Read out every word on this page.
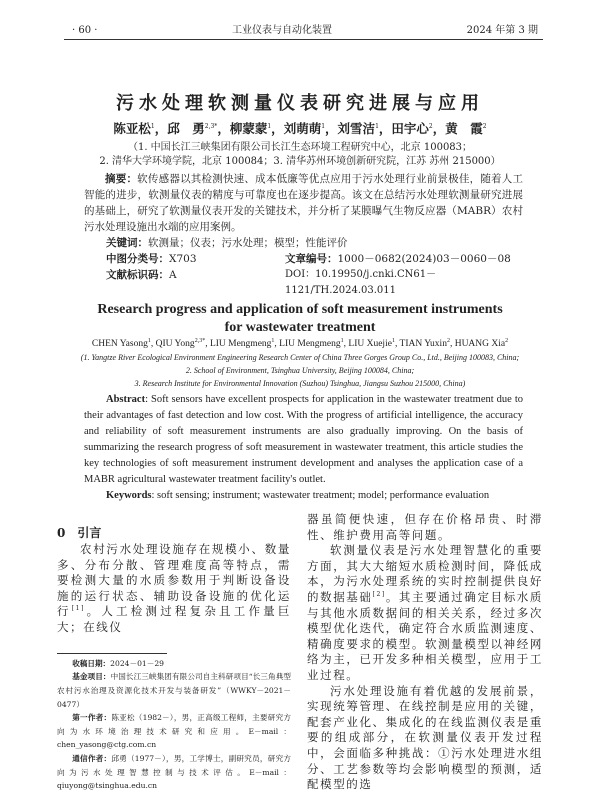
· 60 ·	工业仪表与自动化装置	2024 年第 3 期
污水处理软测量仪表研究进展与应用
陈亚松$^1$，邱　勇$^{2,3*}$，柳蒙蒙$^1$，刘萌萌$^1$，刘雪洁$^1$，田宇心$^2$，黄　霞$^2$
（1. 中国长江三峡集团有限公司长江生态环境工程研究中心，北京 100083；
2. 清华大学环境学院，北京 100084；3. 清华苏州环境创新研究院，江苏 苏州 215000）
摘要：软传感器以其检测快速、成本低廉等优点应用于污水处理行业前景极佳，随着人工智能的进步，软测量仪表的精度与可靠度也在逐步提高。该文在总结污水处理软测量研究进展的基础上，研究了软测量仪表开发的关键技术，并分析了某膜曝气生物反应器（MABR）农村污水处理设施出水端的应用案例。
关键词：软测量；仪表；污水处理；模型；性能评价
中图分类号：X703	文章编号：1000－0682(2024)03－0060－08
文献标识码：A	DOI：10.19950/j.cnki.CN61－1121/TH.2024.03.011
Research progress and application of soft measurement instruments
for wastewater treatment
CHEN Yasong$^1$, QIU Yong$^{2,3*}$, LIU Mengmeng$^1$, LIU Mengmeng$^1$, LIU Xuejie$^1$, TIAN Yuxin$^2$, HUANG Xia$^2$
(1. Yangtze River Ecological Environment Engineering Research Center of China Three Gorges Group Co., Ltd., Beijing 100083, China;
2. School of Environment, Tsinghua University, Beijing 100084, China;
3. Research Institute for Environmental Innovation (Suzhou) Tsinghua, Jiangsu Suzhou 215000, China)

Abstract: Soft sensors have excellent prospects for application in the wastewater treatment due to their advantages of fast detection and low cost. With the progress of artificial intelligence, the accuracy and reliability of soft measurement instruments are also gradually improving. On the basis of summarizing the research progress of soft measurement in wastewater treatment, this article studies the key technologies of soft measurement instrument development and analyses the application case of a MABR agricultural wastewater treatment facility's outlet.

Keywords: soft sensing; instrument; wastewater treatment; model; performance evaluation

0　 引言

农村污水处理设施存在规模小、数量多、分布分散、管理难度高等特点，需要检测大量的水质参数用于判断设备设施的运行状态、辅助设备设施的优化运行[1]。人工检测过程复杂且工作量巨大；在线仪

收稿日期：2024－01－29

基金项目：中国长江三峡集团有限公司自主科研项目“长三角典型农村污水治理及资源化技术开发与装备研发”（WWKY－2021－0477）

第一作者：陈亚松（1982－），男，正高级工程师，主要研究方向为水环境治理技术研究和应用。E－mail：chen_yasong@ctg.com.cn

通信作者：邱勇（1977－），男，工学博士，副研究员，研究方向为污水处理智慧控制与技术评估。E－mail：qiuyong@tsinghua.edu.cn

器虽简便快速，但存在价格昂贵、时滞性、维护费用高等问题。

软测量仪表是污水处理智慧化的重要方面，其大大缩短水质检测时间，降低成本，为污水处理系统的实时控制提供良好的数据基础[2]。其主要通过确定目标水质与其他水质数据间的相关关系，经过多次模型优化迭代，确定符合水质监测速度、精确度要求的模型。软测量模型以神经网络为主，已开发多种相关模型，应用于工业过程。

污水处理设施有着优越的发展前景，实现统筹管理、在线控制是应用的关键，配套产业化、集成化的在线监测仪表是重要的组成部分，在软测量仪表开发过程中，会面临多种挑战：①污水处理进水组分、工艺参数等均会影响模型的预测，适配模型的选
